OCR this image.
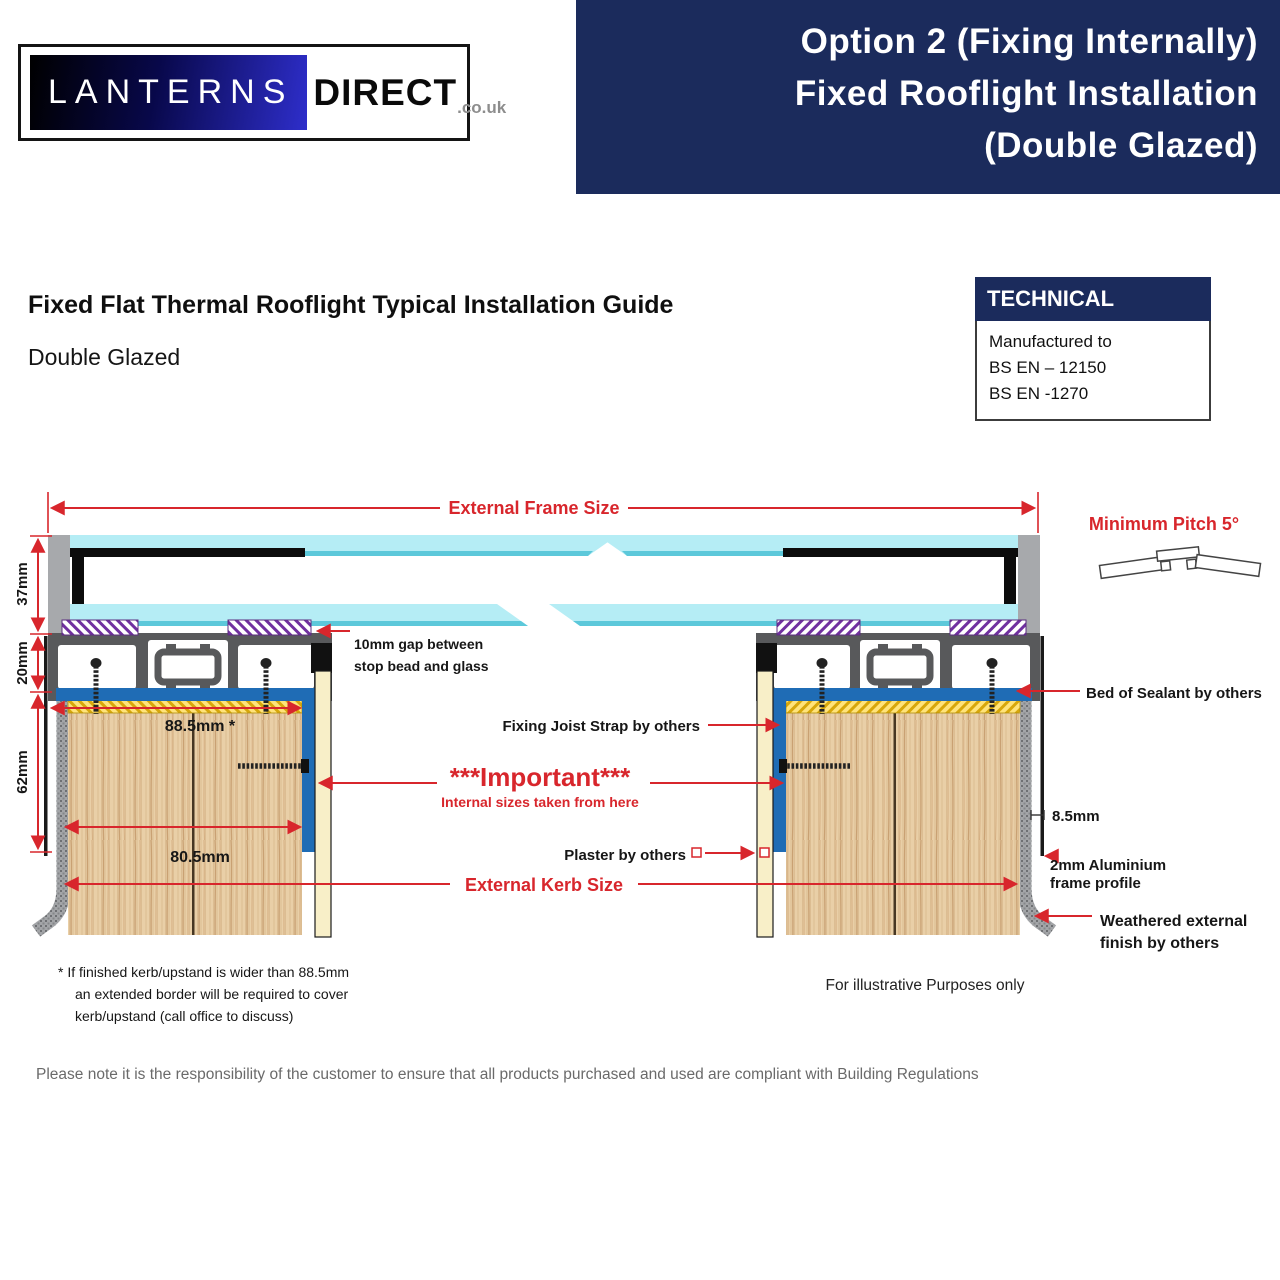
External Frame Size
37mm
20mm
62mm
88.5mm *
80.5mm
External Kerb Size
10mm gap between
stop bead and glass
Fixing Joist Strap by others
***Important***
Internal sizes taken from here
Plaster by others
Bed of Sealant by others
8.5mm
2mm Aluminium
frame profile
Weathered external
finish by others
Minimum Pitch 5°
For illustrative Purposes only
Option 2 (Fixing Internally)
Fixed Rooflight Installation
(Double Glazed)
LANTERNS DIRECT .co.uk
Fixed Flat Thermal Rooflight Typical Installation Guide
Double Glazed
TECHNICAL
Manufactured to
BS EN – 12150
BS EN -1270
* If finished kerb/upstand is wider than 88.5mm
an extended border will be required to cover
kerb/upstand (call office to discuss)
Please note it is the responsibility of the customer to ensure that all products purchased and used are compliant with Building Regulations
